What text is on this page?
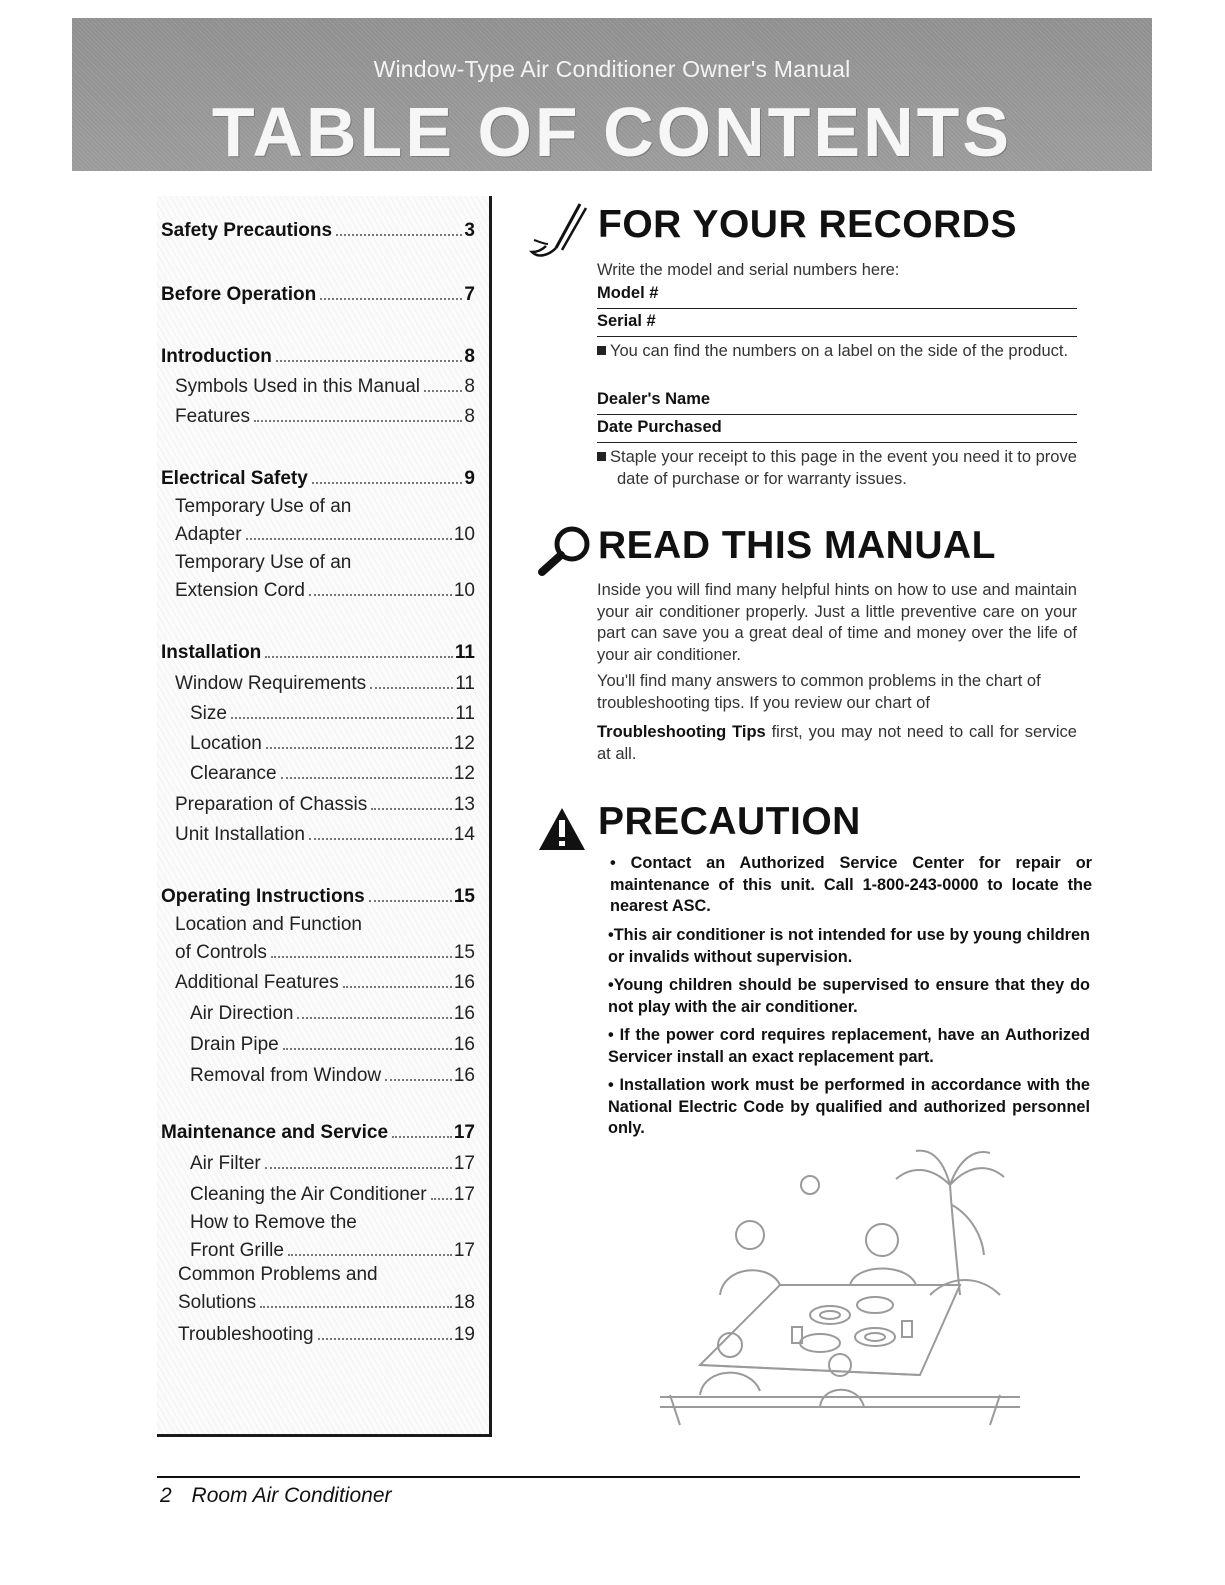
Window-Type Air Conditioner Owner's Manual
TABLE OF CONTENTS
Safety Precautions	3
Before Operation	7
Introduction	8
Symbols Used in this Manual 8
Features	8
Electrical Safety	9
Temporary Use of an
Adapter	10
Temporary Use of an
Extension Cord	10
Installation	11
Window Requirements	11
Size	11
Location	12
Clearance	12
Preparation of Chassis	13
Unit Installation	14
Operating Instructions	15
Location and Function
of Controls	15
Additional Features	16
Air Direction	16
Drain Pipe	16
Removal from Window	16
Maintenance and Service	17
Air Filter	17
Cleaning the Air Conditioner 17
How to Remove the
Front Grille	17
Common Problems and
Solutions	18
Troubleshooting	19
FOR YOUR RECORDS
Write the model and serial numbers here:
Model #
Serial #
You can find the numbers on a label on the side of the product.
Dealer's Name
Date Purchased
Staple your receipt to this page in the event you need it to prove date of purchase or for warranty issues.
READ THIS MANUAL
Inside you will find many helpful hints on how to use and maintain your air conditioner properly. Just a little preventive care on your part can save you a great deal of time and money over the life of your air conditioner.
You'll find many answers to common problems in the chart of troubleshooting tips. If you review our chart of
Troubleshooting Tips first, you may not need to call for service at all.
PRECAUTION
• Contact an Authorized Service Center for repair or maintenance of this unit. Call 1-800-243-0000 to locate the nearest ASC.
•This air conditioner is not intended for use by young children or invalids without supervision.
•Young children should be supervised to ensure that they do not play with the air conditioner.
• If the power cord requires replacement, have an Authorized Servicer install an exact replacement part.
• Installation work must be performed in accordance with the National Electric Code by qualified and authorized personnel only.
2 Room Air Conditioner
